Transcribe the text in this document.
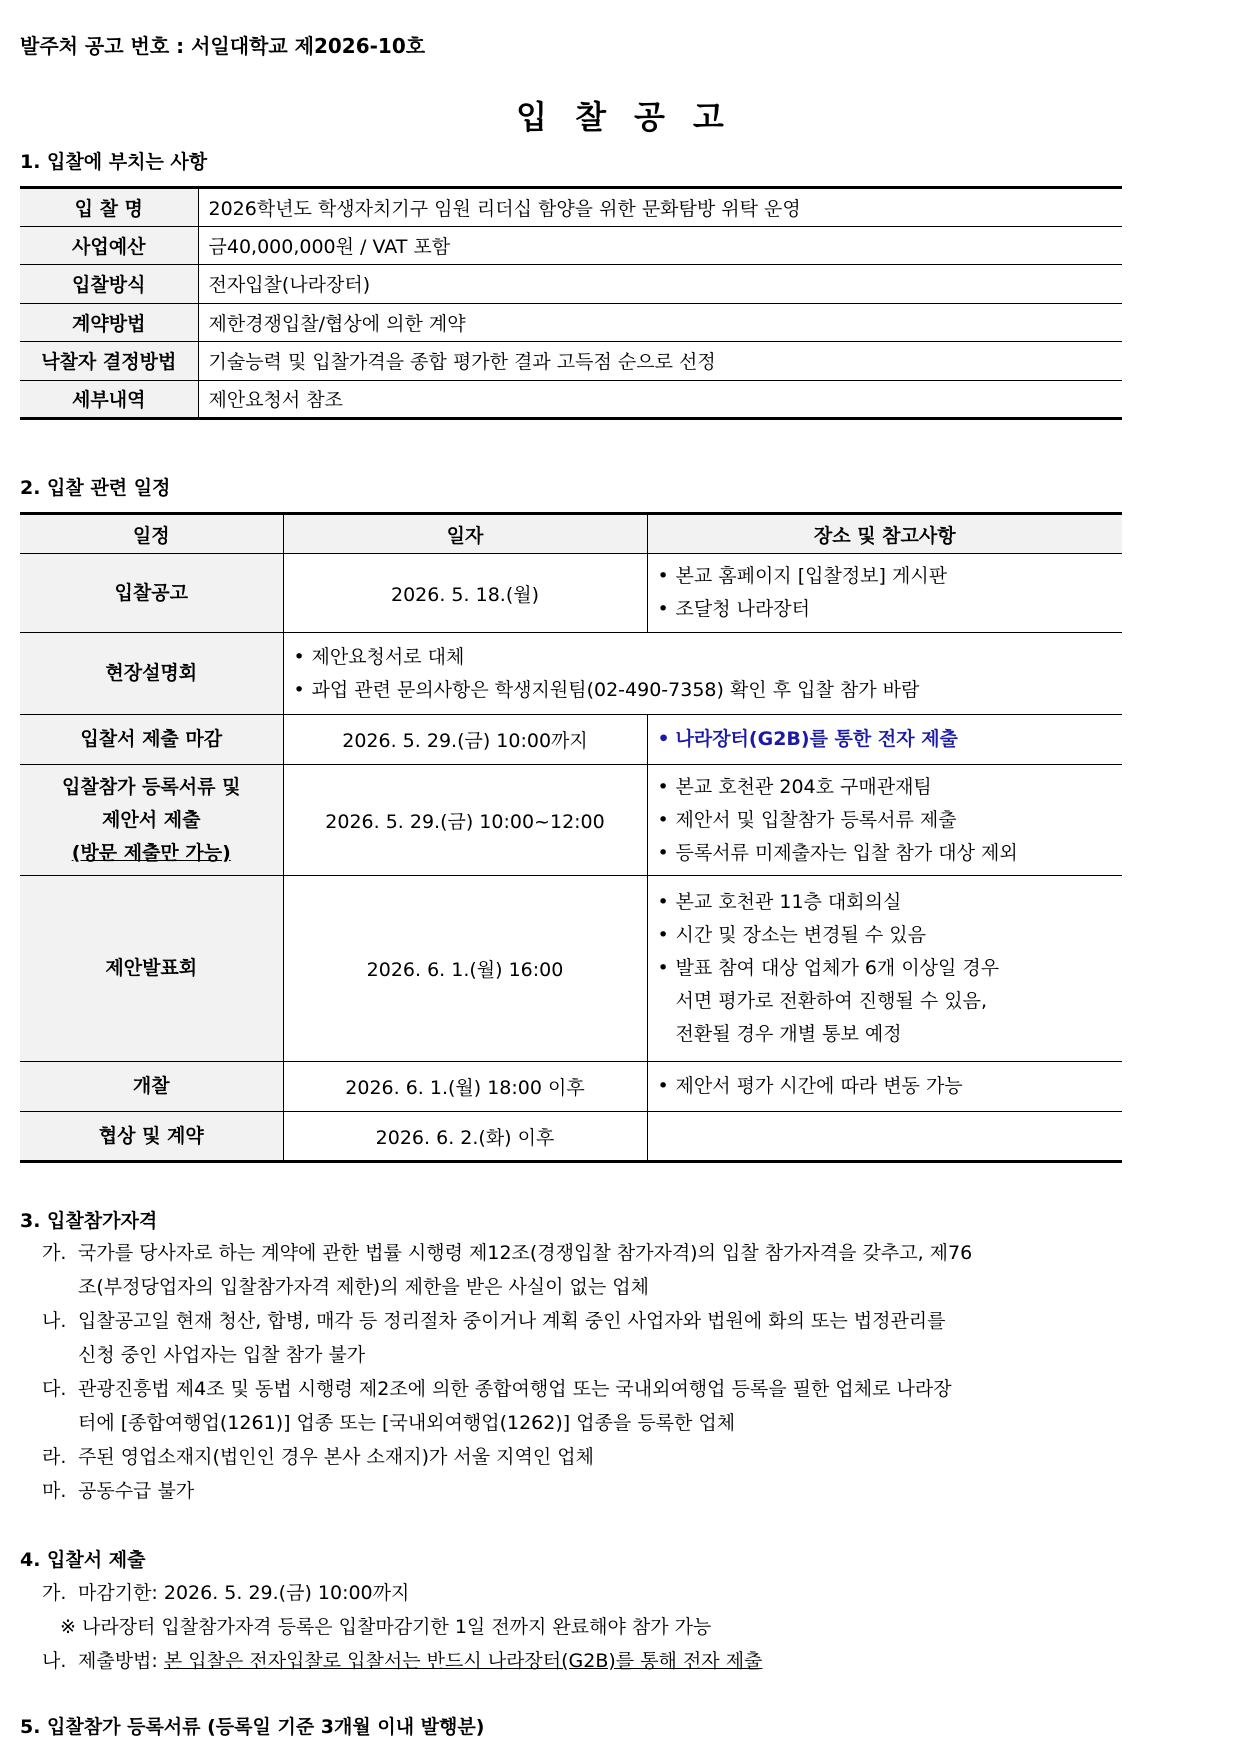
발주처 공고 번호 : 서일대학교 제2026-10호
입찰공고
1. 입찰에 부치는 사항
입 찰 명	2026학년도 학생자치기구 임원 리더십 함양을 위한 문화탐방 위탁 운영
사업예산	금40,000,000원 / VAT 포함
입찰방식	전자입찰(나라장터)
계약방법	제한경쟁입찰/협상에 의한 계약
낙찰자 결정방법	기술능력 및 입찰가격을 종합 평가한 결과 고득점 순으로 선정
세부내역	제안요청서 참조
2. 입찰 관련 일정
일정	일자	장소 및 참고사항
입찰공고	2026. 5. 18.(월)	• 본교 홈페이지 [입찰정보] 게시판
• 조달청 나라장터

현장설명회	• 제안요청서로 대체
• 과업 관련 문의사항은 학생지원팀(02-490-7358) 확인 후 입찰 참가 바람

입찰서 제출 마감	2026. 5. 29.(금) 10:00까지	• 나라장터(G2B)를 통한 전자 제출

입찰참가 등록서류 및
제안서 제출
(방문 제출만 가능)	2026. 5. 29.(금) 10:00~12:00	• 본교 호천관 204호 구매관재팀
• 제안서 및 입찰참가 등록서류 제출
• 등록서류 미제출자는 입찰 참가 대상 제외

제안발표회	2026. 6. 1.(월) 16:00	• 본교 호천관 11층 대회의실
• 시간 및 장소는 변경될 수 있음
• 발표 참여 대상 업체가 6개 이상일 경우
서면 평가로 전환하여 진행될 수 있음,
전환될 경우 개별 통보 예정

개찰	2026. 6. 1.(월) 18:00 이후	• 제안서 평가 시간에 따라 변동 가능

협상 및 계약	2026. 6. 2.(화) 이후	
3. 입찰참가자격
가. 국가를 당사자로 하는 계약에 관한 법률 시행령 제12조(경쟁입찰 참가자격)의 입찰 참가자격을 갖추고, 제76
조(부정당업자의 입찰참가자격 제한)의 제한을 받은 사실이 없는 업체
나. 입찰공고일 현재 청산, 합병, 매각 등 정리절차 중이거나 계획 중인 사업자와 법원에 화의 또는 법정관리를
신청 중인 사업자는 입찰 참가 불가
다. 관광진흥법 제4조 및 동법 시행령 제2조에 의한 종합여행업 또는 국내외여행업 등록을 필한 업체로 나라장
터에 [종합여행업(1261)] 업종 또는 [국내외여행업(1262)] 업종을 등록한 업체
라. 주된 영업소재지(법인인 경우 본사 소재지)가 서울 지역인 업체
마. 공동수급 불가
4. 입찰서 제출
가. 마감기한: 2026. 5. 29.(금) 10:00까지
※ 나라장터 입찰참가자격 등록은 입찰마감기한 1일 전까지 완료해야 참가 가능
나. 제출방법: 본 입찰은 전자입찰로 입찰서는 반드시 나라장터(G2B)를 통해 전자 제출
5. 입찰참가 등록서류 (등록일 기준 3개월 이내 발행분)
